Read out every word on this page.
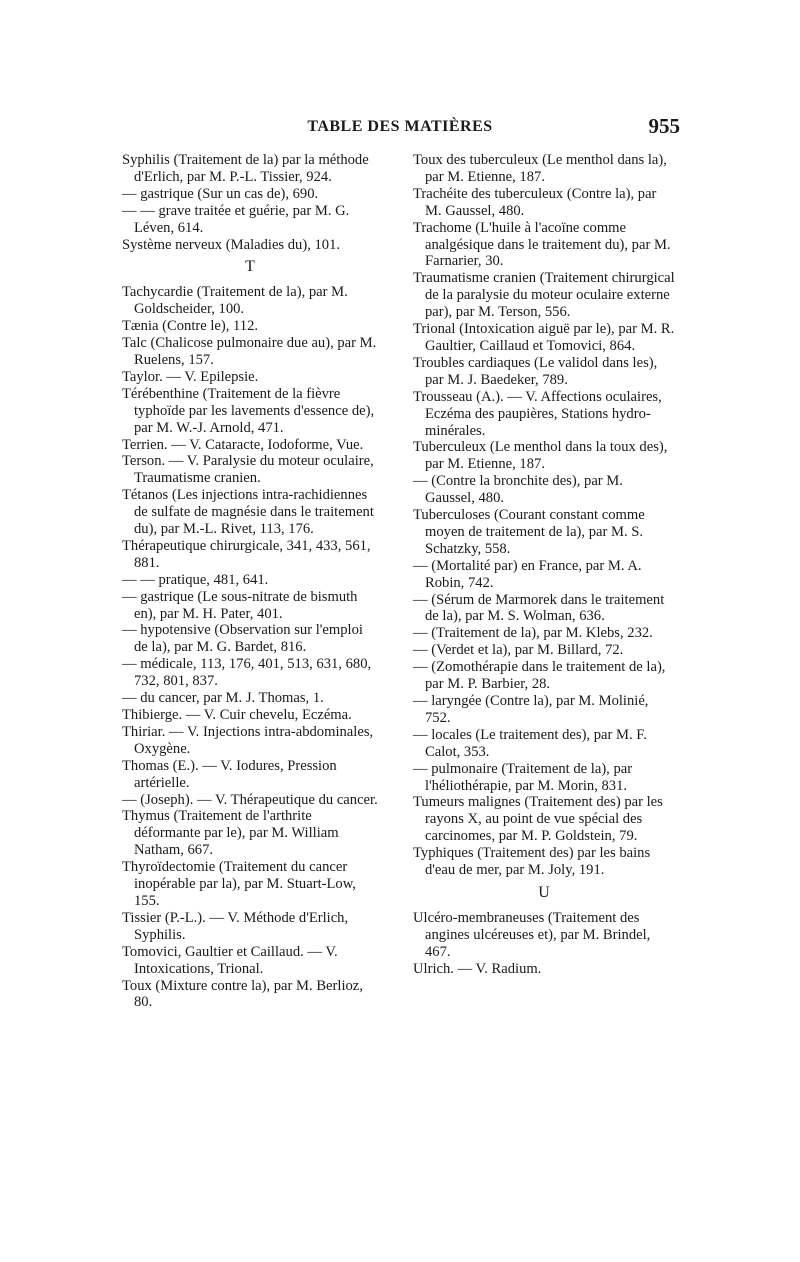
TABLE DES MATIÈRES	955
Syphilis (Traitement de la) par la méthode d'Erlich, par M. P.-L. Tissier, 924.
— gastrique (Sur un cas de), 690.
— — grave traitée et guérie, par M. G. Léven, 614.
Système nerveux (Maladies du), 101.
T
Tachycardie (Traitement de la), par M. Goldscheider, 100.
Tænia (Contre le), 112.
Talc (Chalicose pulmonaire due au), par M. Ruelens, 157.
Taylor. — V. Epilepsie.
Térébenthine (Traitement de la fièvre typhoïde par les lavements d'essence de), par M. W.-J. Arnold, 471.
Terrien. — V. Cataracte, Iodoforme, Vue.
Terson. — V. Paralysie du moteur oculaire, Traumatisme cranien.
Tétanos (Les injections intra-rachidiennes de sulfate de magnésie dans le traitement du), par M.-L. Rivet, 113, 176.
Thérapeutique chirurgicale, 341, 433, 561, 881.
— — pratique, 481, 641.
— gastrique (Le sous-nitrate de bismuth en), par M. H. Pater, 401.
— hypotensive (Observation sur l'emploi de la), par M. G. Bardet, 816.
— médicale, 113, 176, 401, 513, 631, 680, 732, 801, 837.
— du cancer, par M. J. Thomas, 1.
Thibierge. — V. Cuir chevelu, Eczéma.
Thiriar. — V. Injections intra-abdominales, Oxygène.
Thomas (E.). — V. Iodures, Pression artérielle.
— (Joseph). — V. Thérapeutique du cancer.
Thymus (Traitement de l'arthrite déformante par le), par M. William Natham, 667.
Thyroïdectomie (Traitement du cancer inopérable par la), par M. Stuart-Low, 155.
Tissier (P.-L.). — V. Méthode d'Erlich, Syphilis.
Tomovici, Gaultier et Caillaud. — V. Intoxications, Trional.
Toux (Mixture contre la), par M. Berlioz, 80.
Toux des tuberculeux (Le menthol dans la), par M. Etienne, 187.
Trachéite des tuberculeux (Contre la), par M. Gaussel, 480.
Trachome (L'huile à l'acoïne comme analgésique dans le traitement du), par M. Farnarier, 30.
Traumatisme cranien (Traitement chirurgical de la paralysie du moteur oculaire externe par), par M. Terson, 556.
Trional (Intoxication aiguë par le), par M. R. Gaultier, Caillaud et Tomovici, 864.
Troubles cardiaques (Le validol dans les), par M. J. Baedeker, 789.
Trousseau (A.). — V. Affections oculaires, Eczéma des paupières, Stations hydro-minérales.
Tuberculeux (Le menthol dans la toux des), par M. Etienne, 187.
— (Contre la bronchite des), par M. Gaussel, 480.
Tuberculoses (Courant constant comme moyen de traitement de la), par M. S. Schatzky, 558.
— (Mortalité par) en France, par M. A. Robin, 742.
— (Sérum de Marmorek dans le traitement de la), par M. S. Wolman, 636.
— (Traitement de la), par M. Klebs, 232.
— (Verdet et la), par M. Billard, 72.
— (Zomothérapie dans le traitement de la), par M. P. Barbier, 28.
— laryngée (Contre la), par M. Molinié, 752.
— locales (Le traitement des), par M. F. Calot, 353.
— pulmonaire (Traitement de la), par l'héliothérapie, par M. Morin, 831.
Tumeurs malignes (Traitement des) par les rayons X, au point de vue spécial des carcinomes, par M. P. Goldstein, 79.
Typhiques (Traitement des) par les bains d'eau de mer, par M. Joly, 191.
U
Ulcéro-membraneuses (Traitement des angines ulcéreuses et), par M. Brindel, 467.
Ulrich. — V. Radium.
